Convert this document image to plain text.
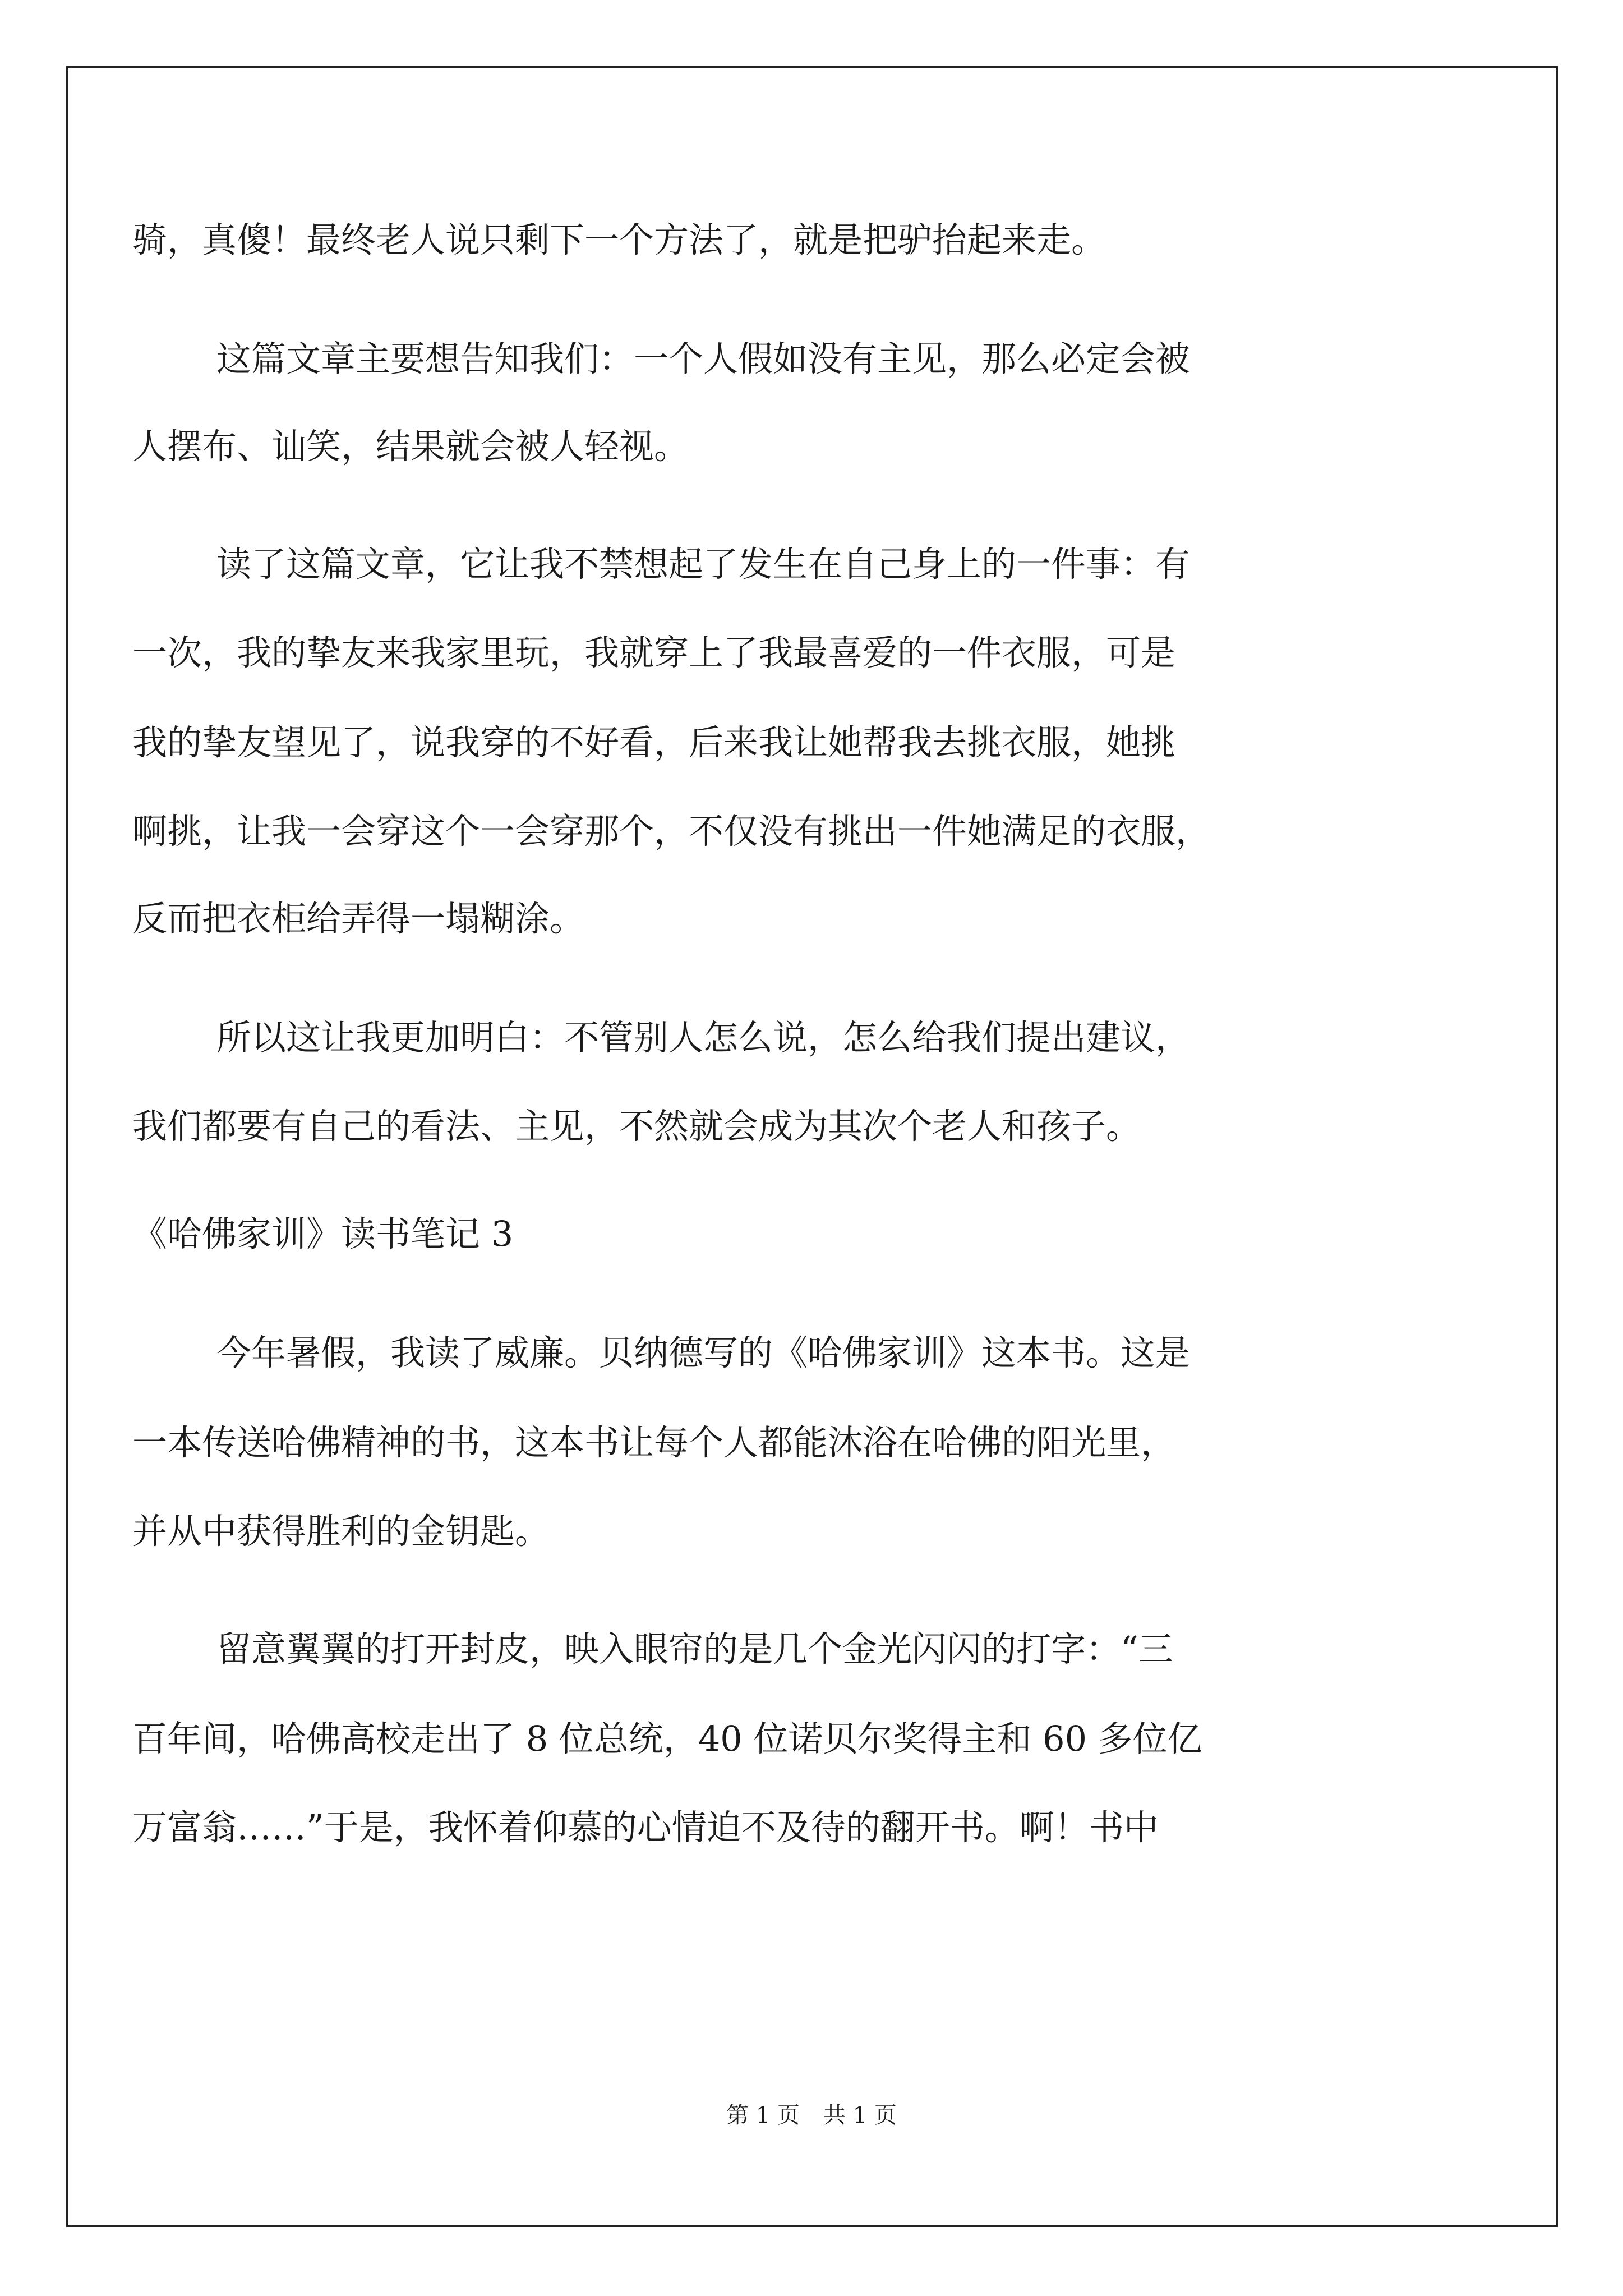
骑，真傻！最终老人说只剩下一个方法了，就是把驴抬起来走。
这篇文章主要想告知我们：一个人假如没有主见，那么必定会被
人摆布、讪笑，结果就会被人轻视。
读了这篇文章，它让我不禁想起了发生在自己身上的一件事：有
一次，我的挚友来我家里玩，我就穿上了我最喜爱的一件衣服，可是
我的挚友望见了，说我穿的不好看，后来我让她帮我去挑衣服，她挑
啊挑，让我一会穿这个一会穿那个，不仅没有挑出一件她满足的衣服，
反而把衣柜给弄得一塌糊涂。
所以这让我更加明白：不管别人怎么说，怎么给我们提出建议，
我们都要有自己的看法、主见，不然就会成为其次个老人和孩子。
《哈佛家训》读书笔记 3
今年暑假，我读了威廉。贝纳德写的《哈佛家训》这本书。这是
一本传送哈佛精神的书，这本书让每个人都能沐浴在哈佛的阳光里，
并从中获得胜利的金钥匙。
留意翼翼的打开封皮，映入眼帘的是几个金光闪闪的打字：“三
百年间，哈佛高校走出了 8 位总统，40 位诺贝尔奖得主和 60 多位亿
万富翁……”于是，我怀着仰慕的心情迫不及待的翻开书。啊！书中
第 1 页 共 1 页
